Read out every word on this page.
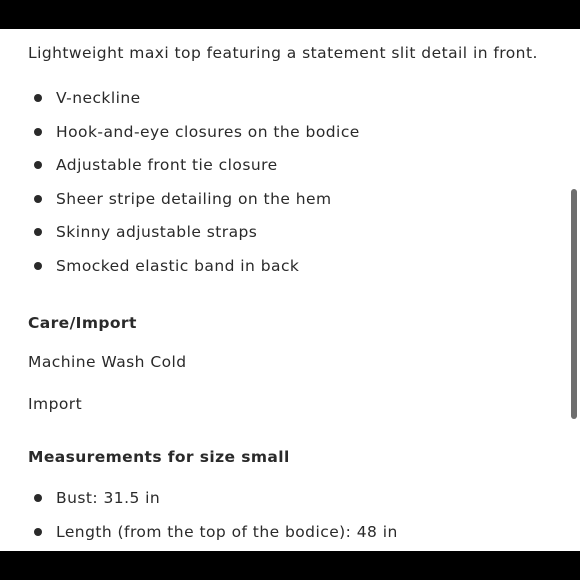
Lightweight maxi top featuring a statement slit detail in front.
V-neckline
Hook-and-eye closures on the bodice
Adjustable front tie closure
Sheer stripe detailing on the hem
Skinny adjustable straps
Smocked elastic band in back
Care/Import
Machine Wash Cold
Import
Measurements for size small
Bust: 31.5 in
Length (from the top of the bodice): 48 in
